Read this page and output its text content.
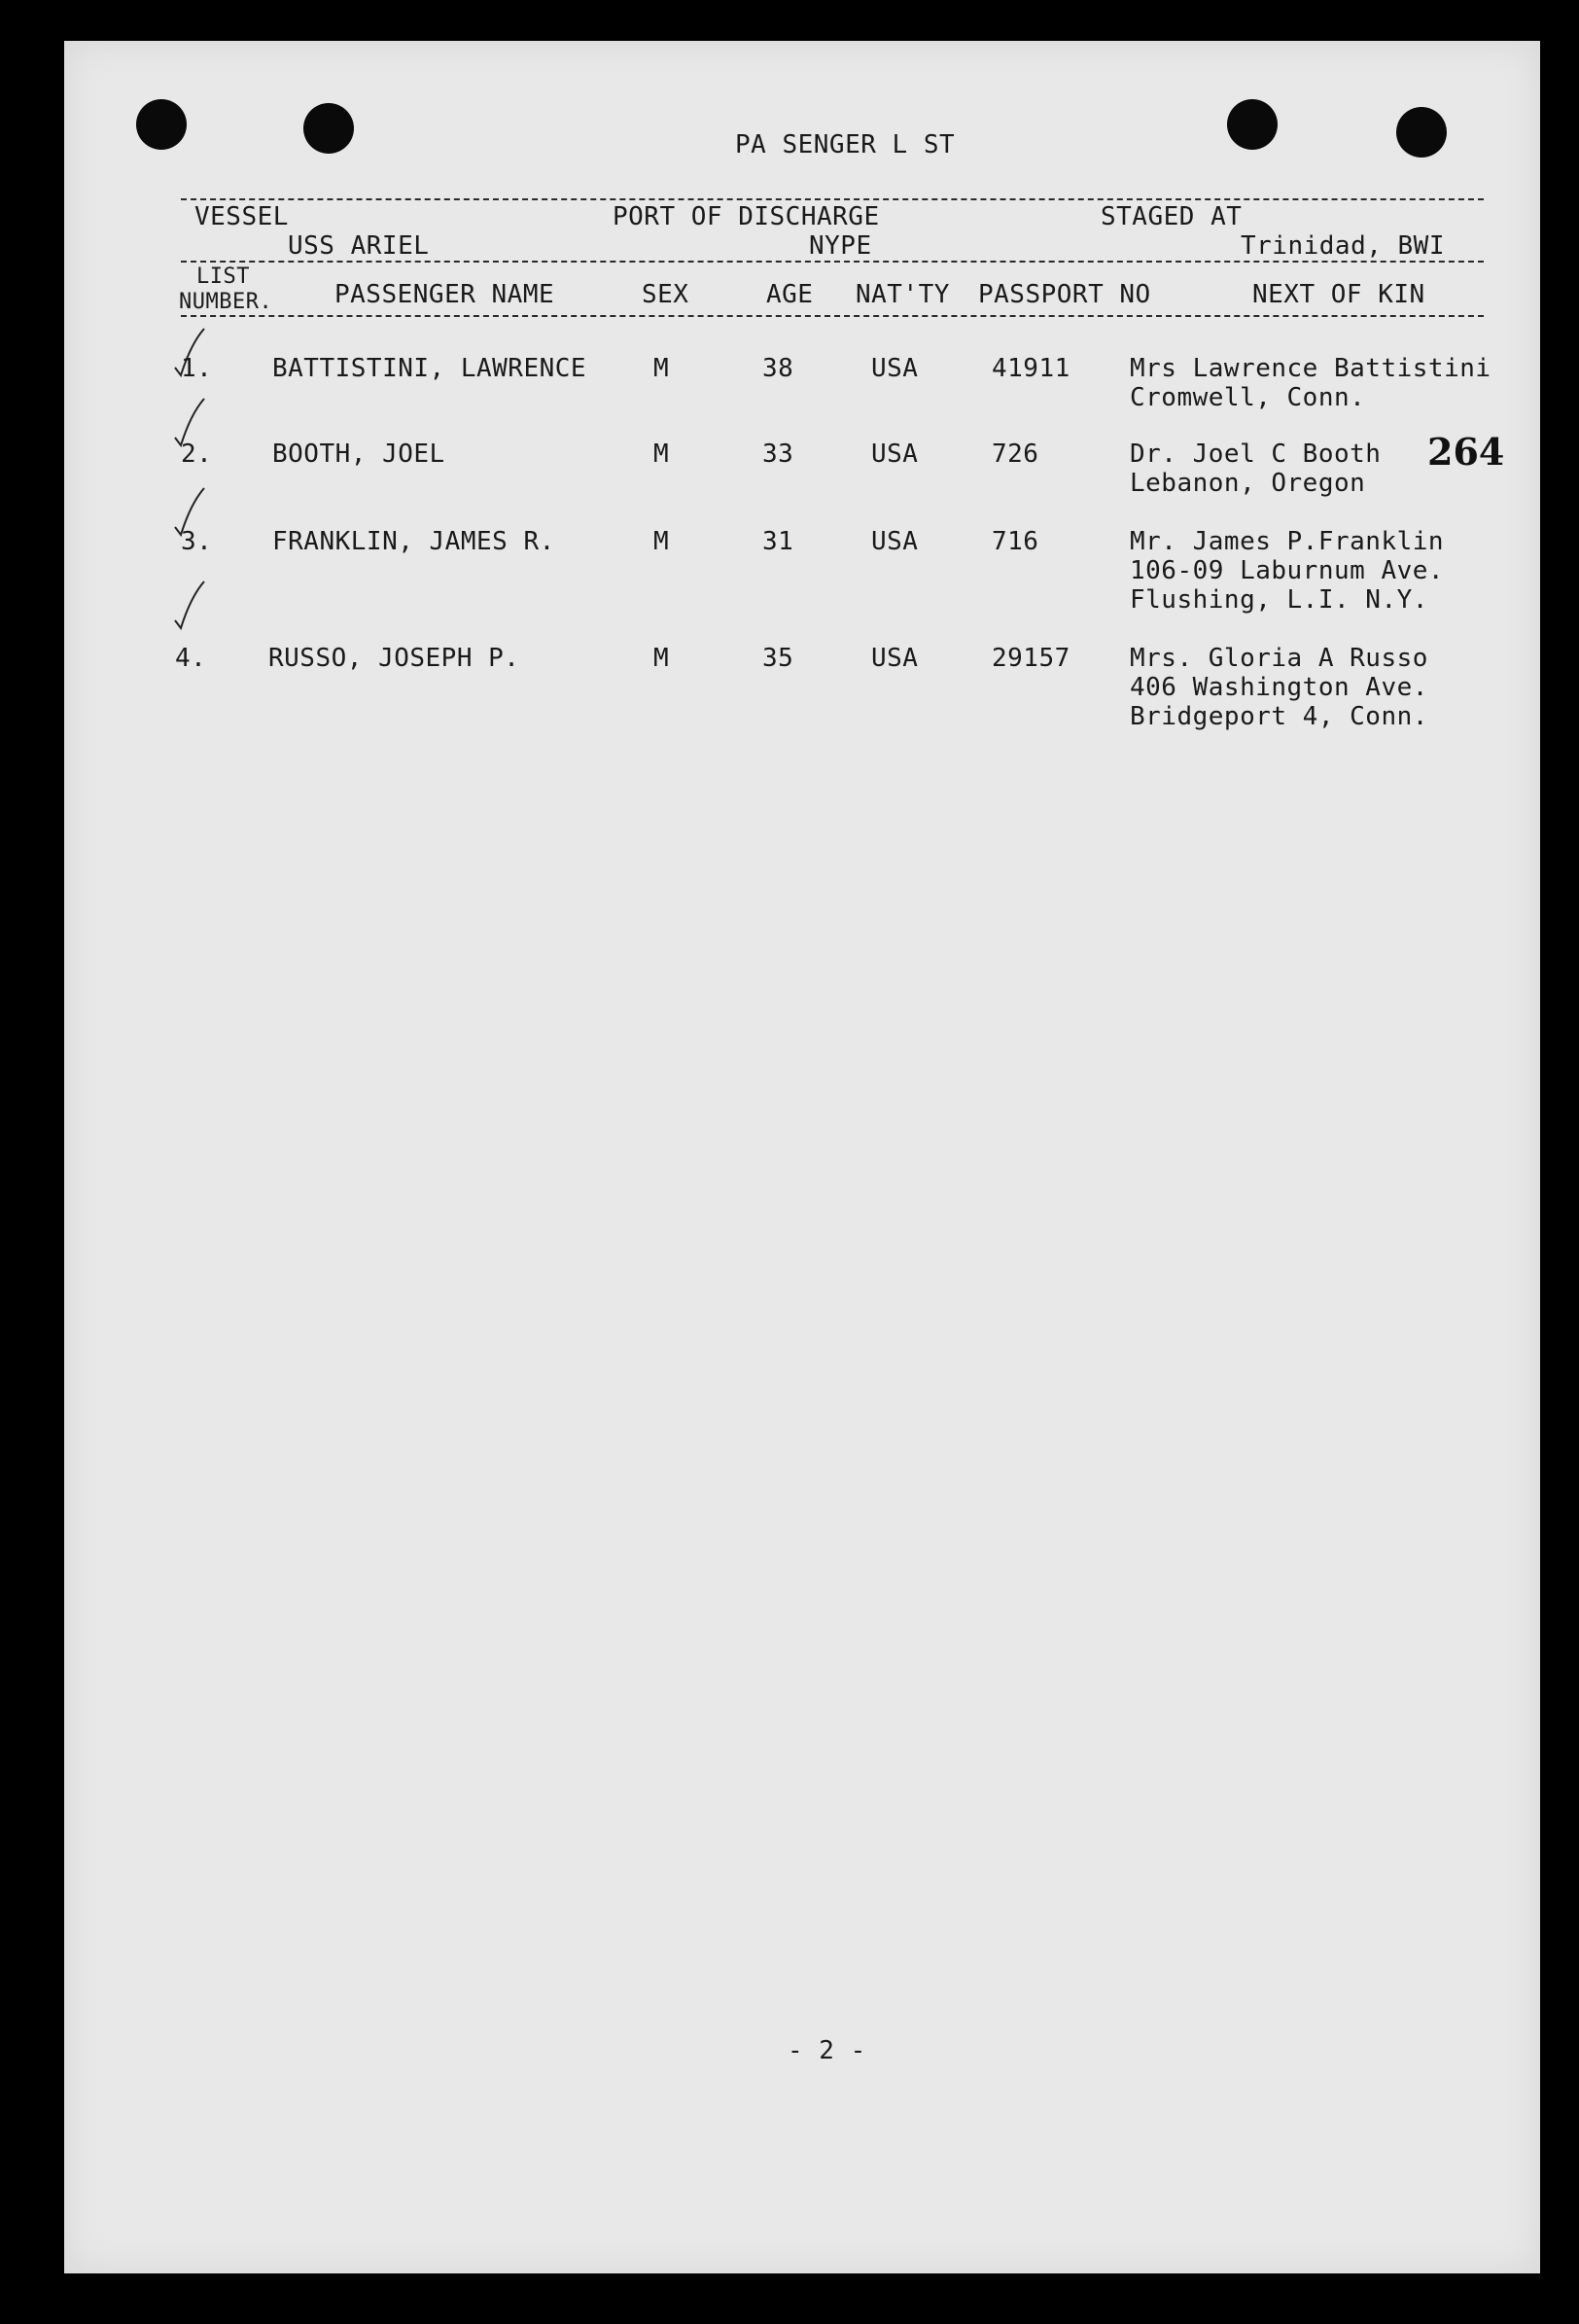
PA SENGER L ST
VESSEL	PORT OF DISCHARGE	STAGED AT
USS ARIEL	NYPE	Trinidad, BWI
LIST
NUMBER. PASSENGER NAME	SEX	AGE NAT'TY PASSPORT NO	NEXT OF KIN
1. BATTISTINI, LAWRENCE	M	38	USA	41911 Mrs Lawrence Battistini
Cromwell, Conn.
2. BOOTH, JOEL	M	33	USA	726	Dr. Joel C Booth
Lebanon, Oregon
264
3. FRANKLIN, JAMES R.	M	31	USA	716	Mr. James P.Franklin
106-09 Laburnum Ave.
Flushing, L.I. N.Y.
4. RUSSO, JOSEPH P.	M	35	USA	29157 Mrs. Gloria A Russo
406 Washington Ave.
Bridgeport 4, Conn.
- 2 -
